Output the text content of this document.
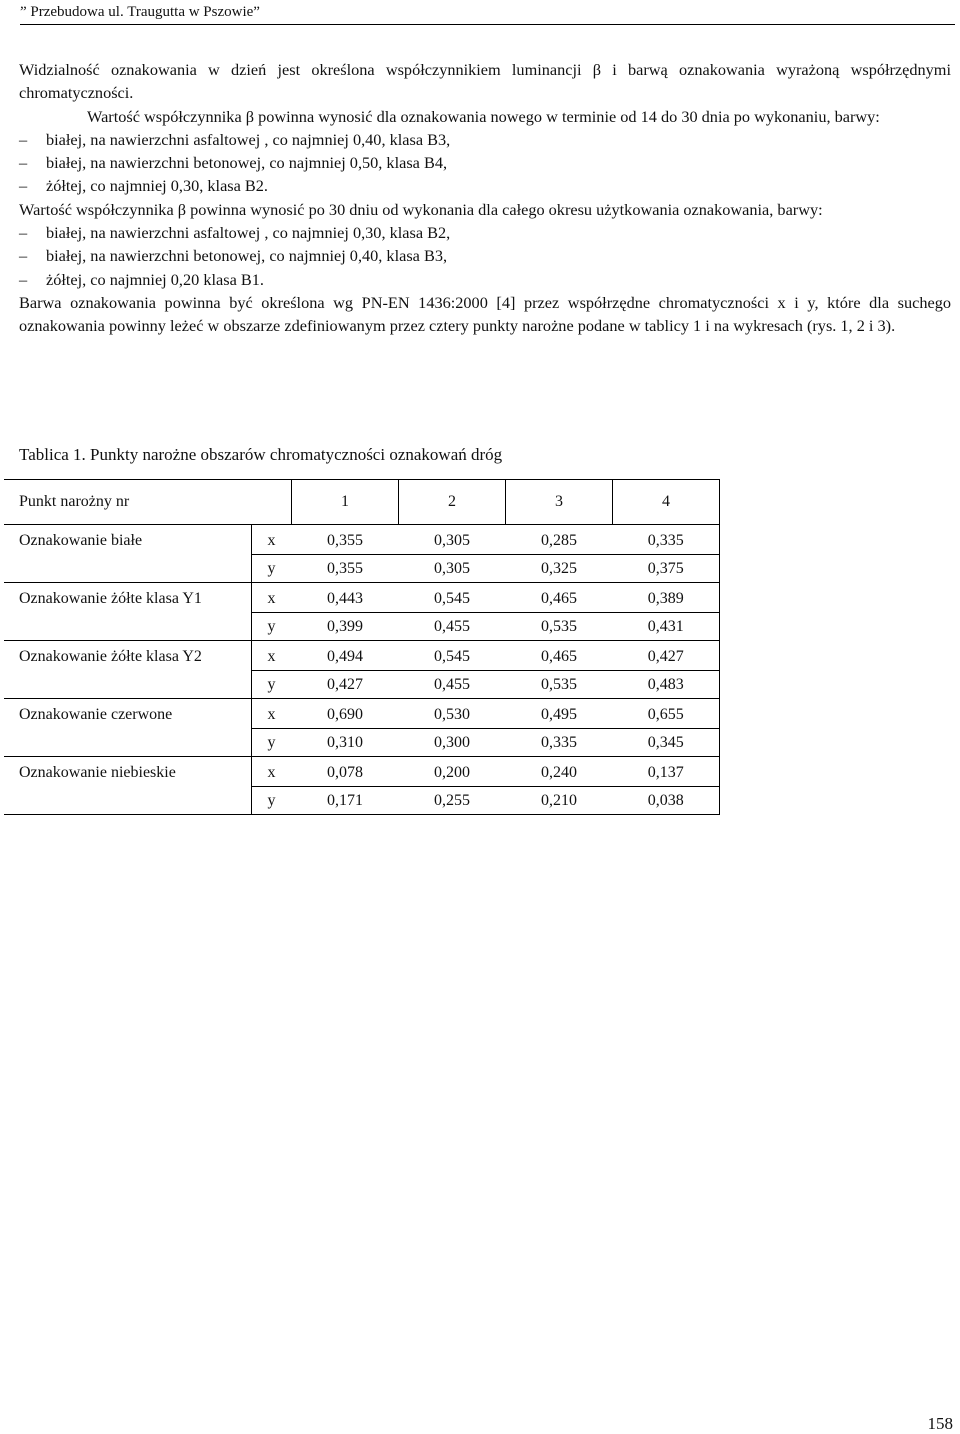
” Przebudowa ul. Traugutta w Pszowie”

Widzialność oznakowania w dzień jest określona współczynnikiem luminancji β i barwą oznakowania wyrażoną współrzędnymi chromatyczności.

Wartość współczynnika β powinna wynosić dla oznakowania nowego w terminie od 14 do 30 dnia po wykonaniu, barwy:

–	białej, na nawierzchni asfaltowej , co najmniej 0,40, klasa B3,
–	białej, na nawierzchni betonowej, co najmniej 0,50, klasa B4,
–	żółtej, co najmniej 0,30, klasa B2.

Wartość współczynnika β powinna wynosić po 30 dniu od wykonania dla całego okresu użytkowania oznakowania, barwy:

–	białej, na nawierzchni asfaltowej , co najmniej 0,30, klasa B2,
–	białej, na nawierzchni betonowej, co najmniej 0,40, klasa B3,
–	żółtej, co najmniej 0,20 klasa B1.

Barwa oznakowania powinna być określona wg PN-EN 1436:2000 [4] przez współrzędne chromatyczności x i y, które dla suchego oznakowania powinny leżeć w obszarze zdefiniowanym przez cztery punkty narożne podane w tablicy 1 i na wykresach (rys. 1, 2 i 3).

Tablica 1. Punkty narożne obszarów chromatyczności oznakowań dróg
Punkt narożny nr		1	2	3	4
Oznakowanie białe	x	0,355	0,305	0,285	0,335
	y	0,355	0,305	0,325	0,375
Oznakowanie żółte klasa Y1	x	0,443	0,545	0,465	0,389
	y	0,399	0,455	0,535	0,431
Oznakowanie żółte klasa Y2	x	0,494	0,545	0,465	0,427
	y	0,427	0,455	0,535	0,483
Oznakowanie czerwone	x	0,690	0,530	0,495	0,655
	y	0,310	0,300	0,335	0,345
Oznakowanie niebieskie	x	0,078	0,200	0,240	0,137
	y	0,171	0,255	0,210	0,038
158
